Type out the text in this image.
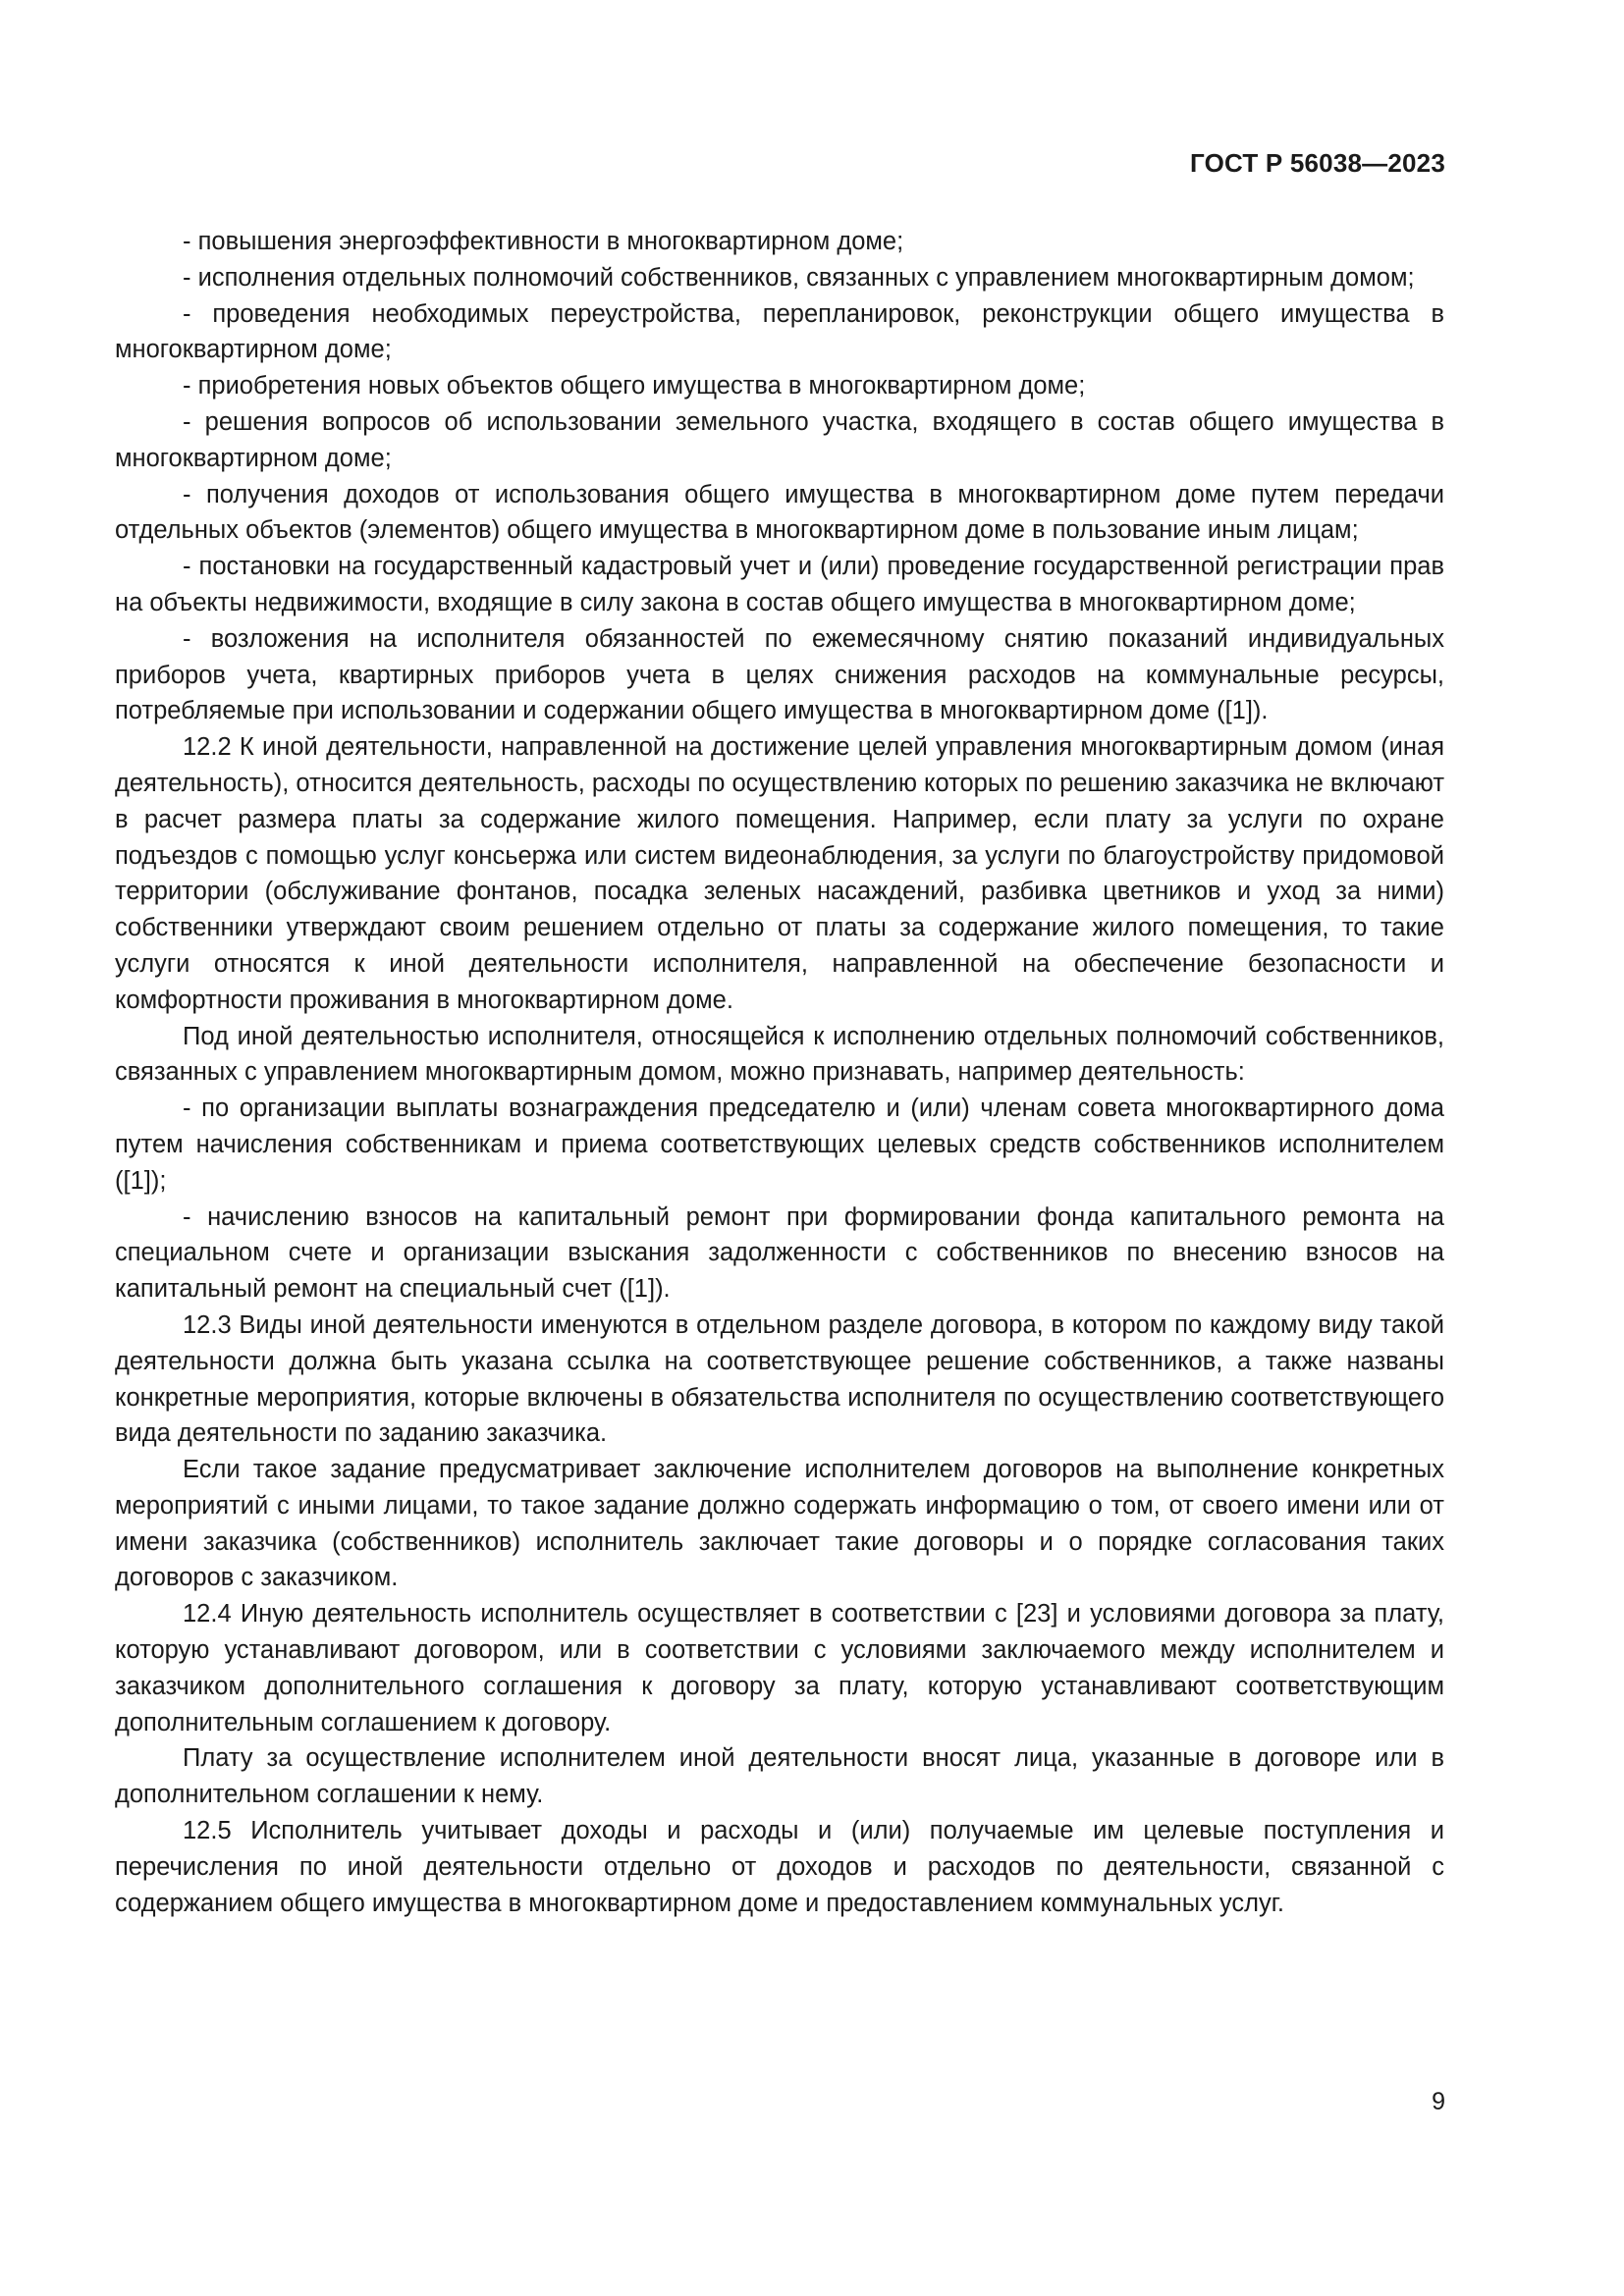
ГОСТ Р 56038—2023

- повышения энергоэффективности в многоквартирном доме;

- исполнения отдельных полномочий собственников, связанных с управлением многоквартирным домом;

- проведения необходимых переустройства, перепланировок, реконструкции общего имущества в многоквартирном доме;

- приобретения новых объектов общего имущества в многоквартирном доме;

- решения вопросов об использовании земельного участка, входящего в состав общего имущества в многоквартирном доме;

- получения доходов от использования общего имущества в многоквартирном доме путем передачи отдельных объектов (элементов) общего имущества в многоквартирном доме в пользование иным лицам;

- постановки на государственный кадастровый учет и (или) проведение государственной регистрации прав на объекты недвижимости, входящие в силу закона в состав общего имущества в многоквартирном доме;

- возложения на исполнителя обязанностей по ежемесячному снятию показаний индивидуальных приборов учета, квартирных приборов учета в целях снижения расходов на коммунальные ресурсы, потребляемые при использовании и содержании общего имущества в многоквартирном доме ([1]).

12.2 К иной деятельности, направленной на достижение целей управления многоквартирным домом (иная деятельность), относится деятельность, расходы по осуществлению которых по решению заказчика не включают в расчет размера платы за содержание жилого помещения. Например, если плату за услуги по охране подъездов с помощью услуг консьержа или систем видеонаблюдения, за услуги по благоустройству придомовой территории (обслуживание фонтанов, посадка зеленых насаждений, разбивка цветников и уход за ними) собственники утверждают своим решением отдельно от платы за содержание жилого помещения, то такие услуги относятся к иной деятельности исполнителя, направленной на обеспечение безопасности и комфортности проживания в многоквартирном доме.

Под иной деятельностью исполнителя, относящейся к исполнению отдельных полномочий собственников, связанных с управлением многоквартирным домом, можно признавать, например деятельность:

- по организации выплаты вознаграждения председателю и (или) членам совета многоквартирного дома путем начисления собственникам и приема соответствующих целевых средств собственников исполнителем ([1]);

- начислению взносов на капитальный ремонт при формировании фонда капитального ремонта на специальном счете и организации взыскания задолженности с собственников по внесению взносов на капитальный ремонт на специальный счет ([1]).

12.3 Виды иной деятельности именуются в отдельном разделе договора, в котором по каждому виду такой деятельности должна быть указана ссылка на соответствующее решение собственников, а также названы конкретные мероприятия, которые включены в обязательства исполнителя по осуществлению соответствующего вида деятельности по заданию заказчика.

Если такое задание предусматривает заключение исполнителем договоров на выполнение конкретных мероприятий с иными лицами, то такое задание должно содержать информацию о том, от своего имени или от имени заказчика (собственников) исполнитель заключает такие договоры и о порядке согласования таких договоров с заказчиком.

12.4 Иную деятельность исполнитель осуществляет в соответствии с [23] и условиями договора за плату, которую устанавливают договором, или в соответствии с условиями заключаемого между исполнителем и заказчиком дополнительного соглашения к договору за плату, которую устанавливают соответствующим дополнительным соглашением к договору.

Плату за осуществление исполнителем иной деятельности вносят лица, указанные в договоре или в дополнительном соглашении к нему.

12.5 Исполнитель учитывает доходы и расходы и (или) получаемые им целевые поступления и перечисления по иной деятельности отдельно от доходов и расходов по деятельности, связанной с содержанием общего имущества в многоквартирном доме и предоставлением коммунальных услуг.

9
